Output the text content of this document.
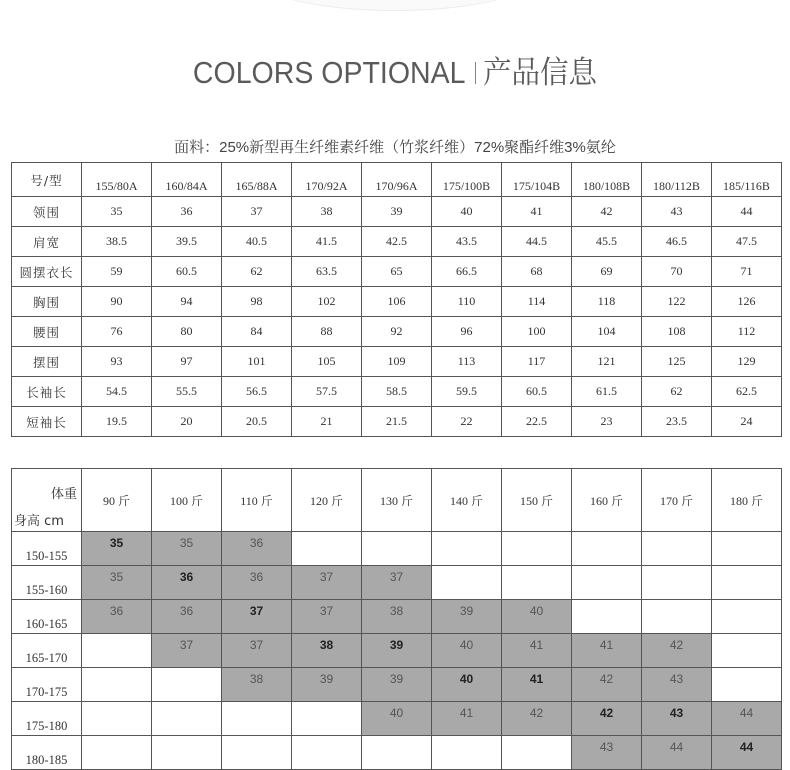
COLORS OPTIONAL 产品信息
面料：25%新型再生纤维素纤维（竹浆纤维）72%聚酯纤维3%氨纶
号/型	155/80A	160/84A	165/88A	170/92A	170/96A	175/100B	175/104B	180/108B	180/112B	185/116B
领围	35	36	37	38	39	40	41	42	43	44
肩宽	38.5	39.5	40.5	41.5	42.5	43.5	44.5	45.5	46.5	47.5
圆摆衣长	59	60.5	62	63.5	65	66.5	68	69	70	71
胸围	90	94	98	102	106	110	114	118	122	126
腰围	76	80	84	88	92	96	100	104	108	112
摆围	93	97	101	105	109	113	117	121	125	129
长袖长	54.5	55.5	56.5	57.5	58.5	59.5	60.5	61.5	62	62.5
短袖长	19.5	20	20.5	21	21.5	22	22.5	23	23.5	24
体重
身高 cm	90 斤	100 斤	110 斤	120 斤	130 斤	140 斤	150 斤	160 斤	170 斤	180 斤
150-155	35	35	36							
155-160	35	36	36	37	37					
160-165	36	36	37	37	38	39	40			
165-170		37	37	38	39	40	41	41	42	
170-175			38	39	39	40	41	42	43	
175-180					40	41	42	42	43	44
180-185								43	44	44
